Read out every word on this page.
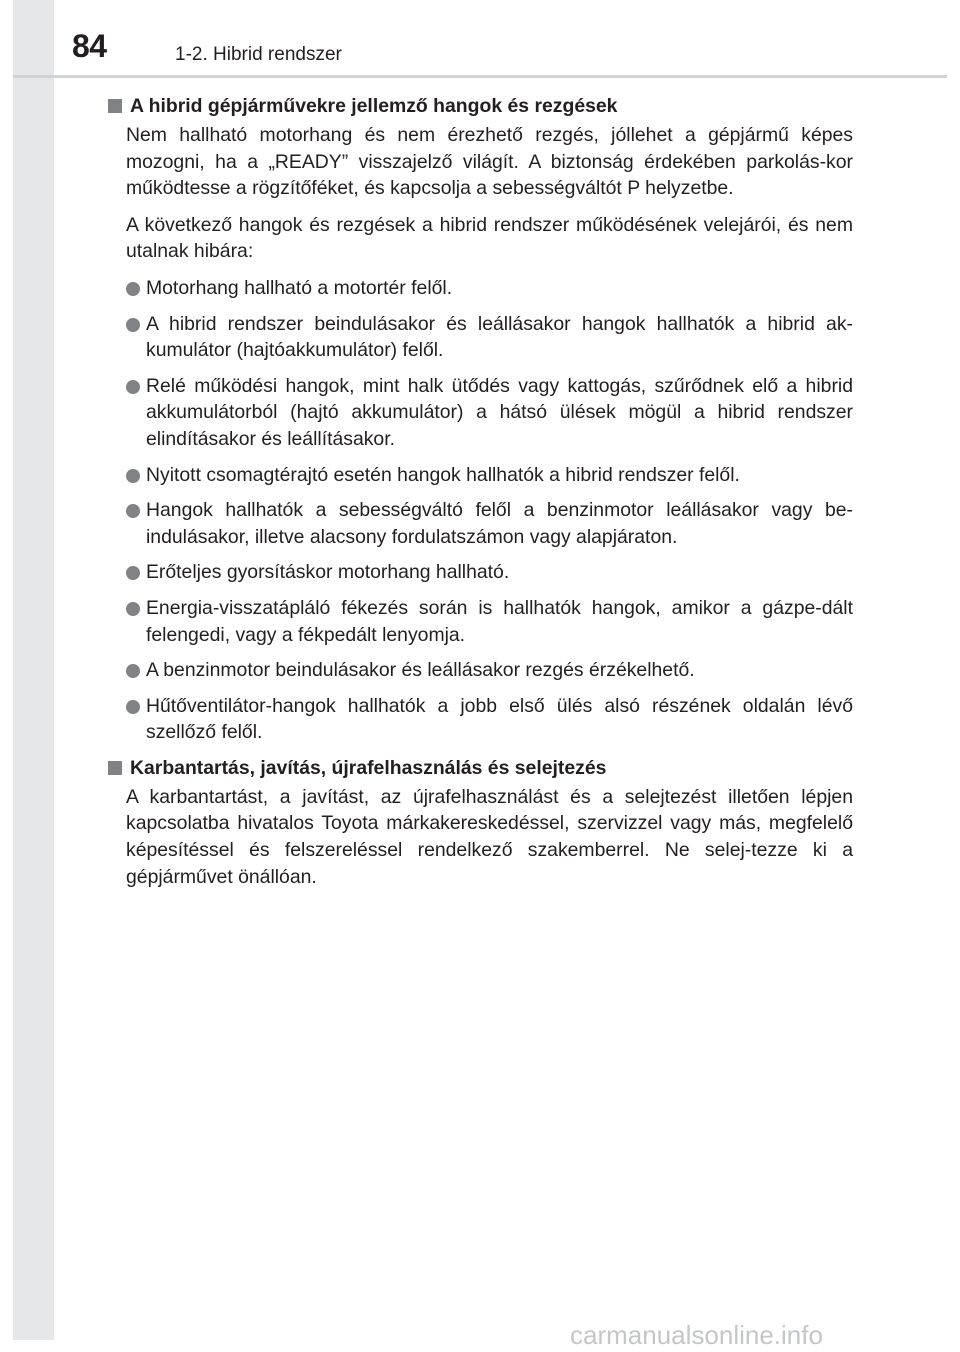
84	1-2. Hibrid rendszer
A hibrid gépjárművekre jellemző hangok és rezgések

Nem hallható motorhang és nem érezhető rezgés, jóllehet a gépjármű képes mozogni, ha a „READY” visszajelző világít. A biztonság érdekében parkolás-kor működtesse a rögzítőféket, és kapcsolja a sebességváltót P helyzetbe.

A következő hangok és rezgések a hibrid rendszer működésének velejárói, és nem utalnak hibára:

Motorhang hallható a motortér felől.
A hibrid rendszer beindulásakor és leállásakor hangok hallhatók a hibrid ak-kumulátor (hajtóakkumulátor) felől.
Relé működési hangok, mint halk ütődés vagy kattogás, szűrődnek elő a hibrid akkumulátorból (hajtó akkumulátor) a hátsó ülések mögül a hibrid rendszer elindításakor és leállításakor.
Nyitott csomagtérajtó esetén hangok hallhatók a hibrid rendszer felől.
Hangok hallhatók a sebességváltó felől a benzinmotor leállásakor vagy be-indulásakor, illetve alacsony fordulatszámon vagy alapjáraton.
Erőteljes gyorsításkor motorhang hallható.
Energia-visszatápláló fékezés során is hallhatók hangok, amikor a gázpe-dált felengedi, vagy a fékpedált lenyomja.
A benzinmotor beindulásakor és leállásakor rezgés érzékelhető.
Hűtőventilátor-hangok hallhatók a jobb első ülés alsó részének oldalán lévő szellőző felől.
Karbantartás, javítás, újrafelhasználás és selejtezés

A karbantartást, a javítást, az újrafelhasználást és a selejtezést illetően lépjen kapcsolatba hivatalos Toyota márkakereskedéssel, szervizzel vagy más, megfelelő képesítéssel és felszereléssel rendelkező szakemberrel. Ne selej-tezze ki a gépjárművet önállóan.

carmanualsonline.info
